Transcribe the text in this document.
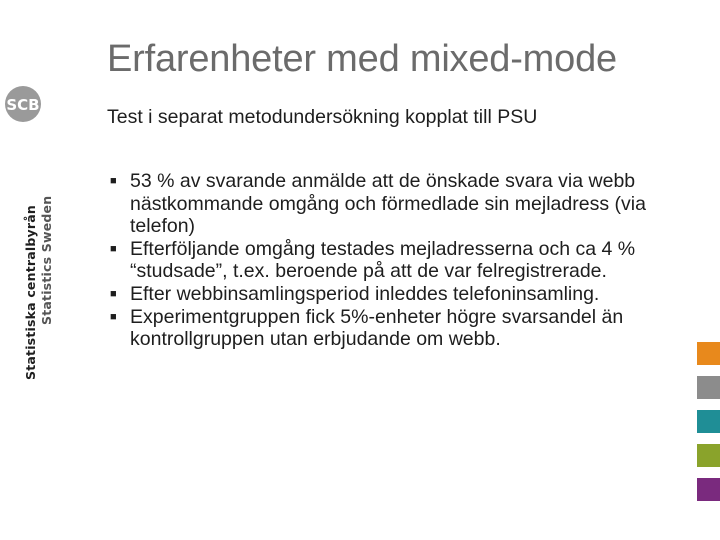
SCB
Statistiska centralbyrån Statistics Sweden
Erfarenheter med mixed-mode
Test i separat metodundersökning kopplat till PSU
■ 53 % av svarande anmälde att de önskade svara via webb nästkommande omgång och förmedlade sin mejladress (via telefon)
■ Efterföljande omgång testades mejladresserna och ca 4 % “studsade”, t.ex. beroende på att de var felregistrerade.
■ Efter webbinsamlingsperiod inleddes telefoninsamling.
■ Experimentgruppen fick 5%-enheter högre svarsandel än kontrollgruppen utan erbjudande om webb.
